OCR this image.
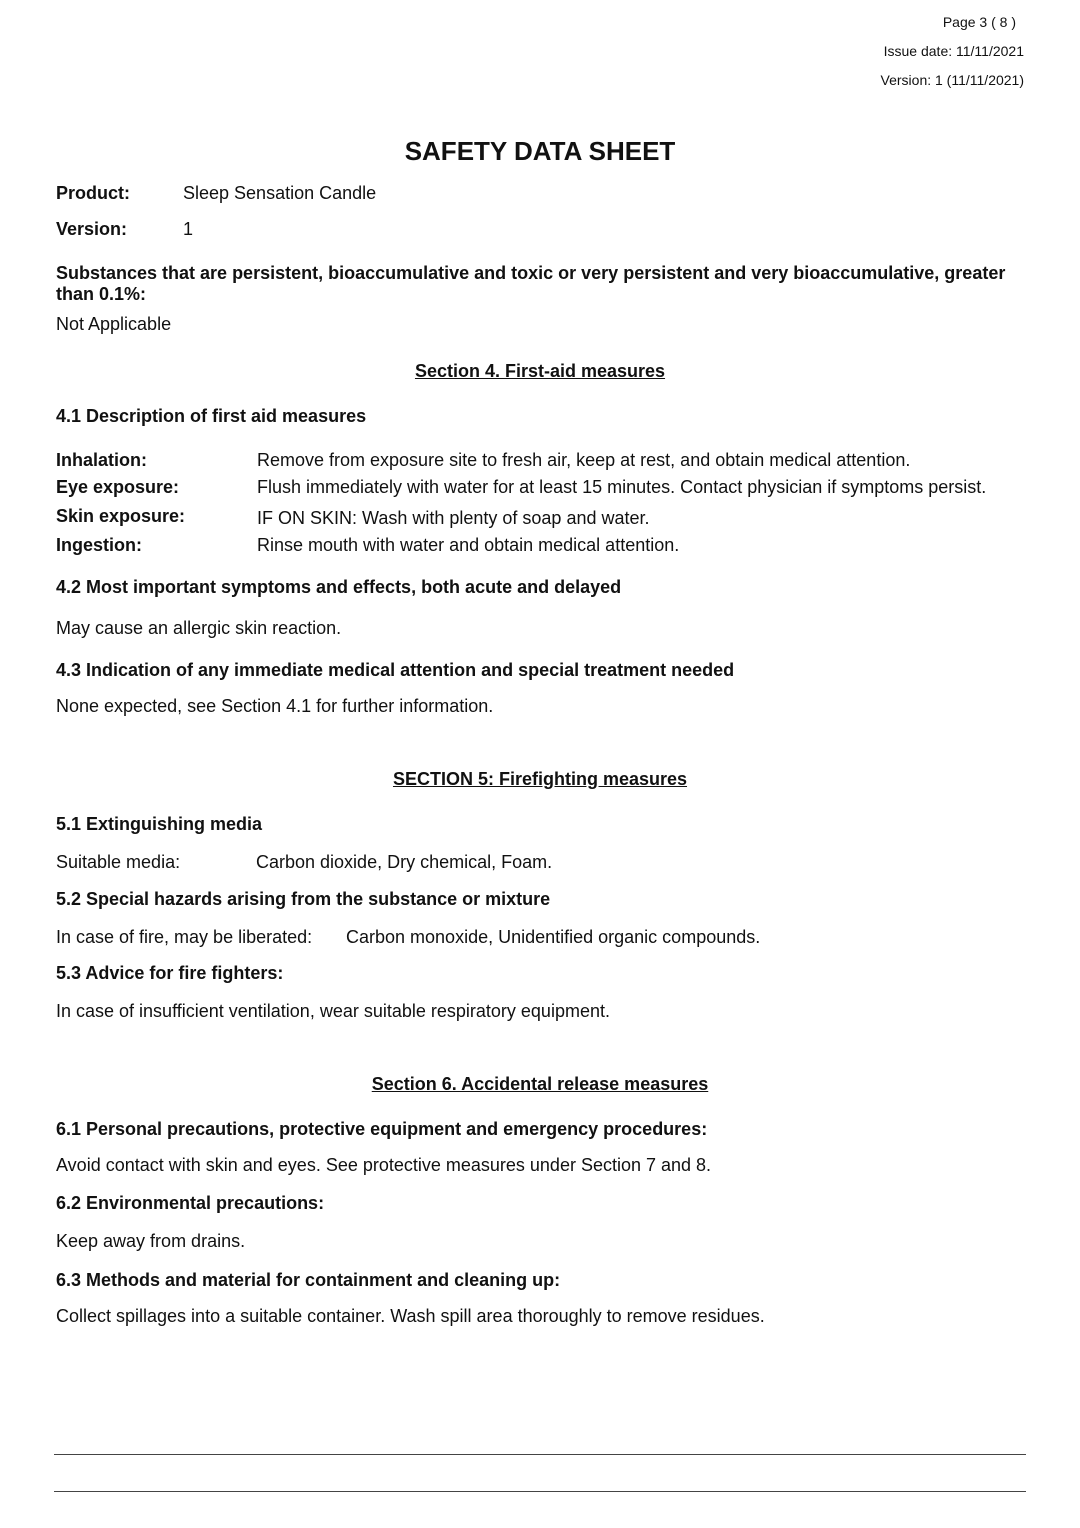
Page 3 ( 8 )
Issue date: 11/11/2021
Version: 1 (11/11/2021)
SAFETY DATA SHEET
Product:	Sleep Sensation Candle
Version:	1
Substances that are persistent, bioaccumulative and toxic or very persistent and very bioaccumulative, greater
than 0.1%:
Not Applicable
Section 4. First-aid measures
4.1 Description of first aid measures
Inhalation:	Remove from exposure site to fresh air, keep at rest, and obtain medical attention.
Eye exposure:	Flush immediately with water for at least 15 minutes. Contact physician if symptoms persist.
Skin exposure:	IF ON SKIN: Wash with plenty of soap and water.
Ingestion:	Rinse mouth with water and obtain medical attention.
4.2 Most important symptoms and effects, both acute and delayed
May cause an allergic skin reaction.
4.3 Indication of any immediate medical attention and special treatment needed
None expected, see Section 4.1 for further information.
SECTION 5: Firefighting measures
5.1 Extinguishing media
Suitable media:	Carbon dioxide, Dry chemical, Foam.
5.2 Special hazards arising from the substance or mixture
In case of fire, may be liberated: Carbon monoxide, Unidentified organic compounds.
5.3 Advice for fire fighters:
In case of insufficient ventilation, wear suitable respiratory equipment.
Section 6. Accidental release measures
6.1 Personal precautions, protective equipment and emergency procedures:
Avoid contact with skin and eyes. See protective measures under Section 7 and 8.
6.2 Environmental precautions:
Keep away from drains.
6.3 Methods and material for containment and cleaning up:
Collect spillages into a suitable container. Wash spill area thoroughly to remove residues.
